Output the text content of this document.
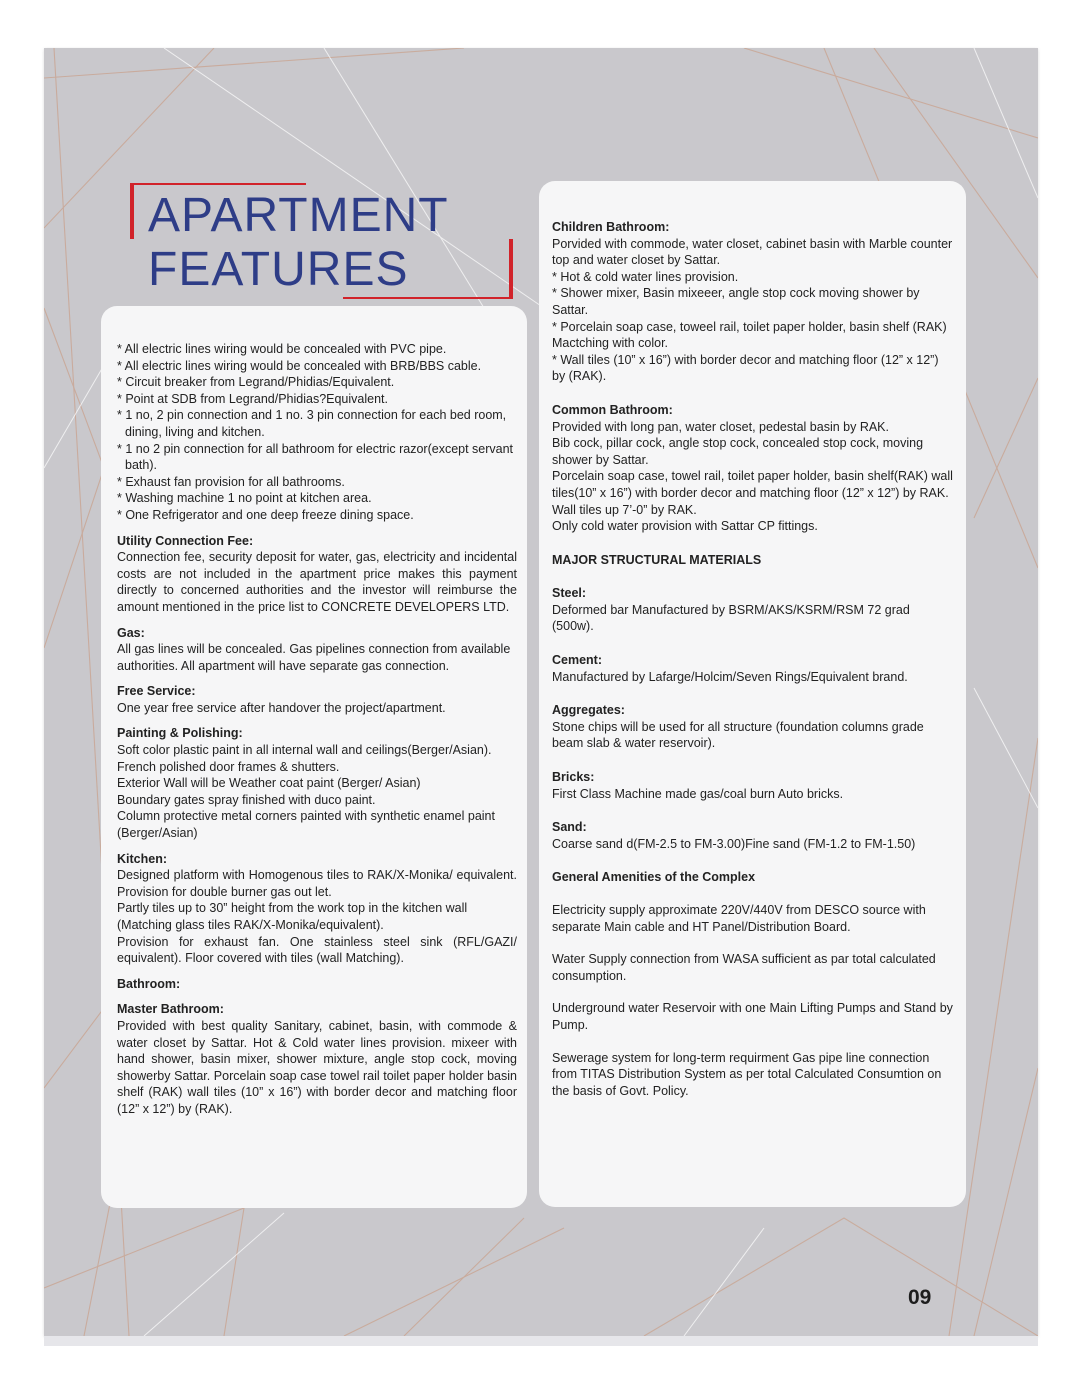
APARTMENT
FEATURES
* All electric lines wiring would be concealed with PVC pipe.
* All electric lines wiring would be concealed with BRB/BBS cable.
* Circuit breaker from Legrand/Phidias/Equivalent.
* Point at SDB from Legrand/Phidias?Equivalent.
* 1 no, 2 pin connection and 1 no. 3 pin connection for each bed room, dining, living and kitchen.
* 1 no 2 pin connection for all bathroom for electric razor(except servant bath).
* Exhaust fan provision for all bathrooms.
* Washing machine 1 no point at kitchen area.
* One Refrigerator and one deep freeze dining space.
Utility Connection Fee:
Connection fee, security deposit for water, gas, electricity and incidental costs are not included in the apartment price makes this payment directly to concerned authorities and the investor will reimburse the amount mentioned in the price list to CONCRETE DEVELOPERS LTD.
Gas:
All gas lines will be concealed. Gas pipelines connection from available authorities. All apartment will have separate gas connection.
Free Service:
One year free service after handover the project/apartment.
Painting & Polishing:
Soft color plastic paint in all internal wall and ceilings(Berger/Asian).
French polished door frames & shutters.
Exterior Wall will be Weather coat paint (Berger/ Asian)
Boundary gates spray finished with duco paint.
Column protective metal corners painted with synthetic enamel paint (Berger/Asian)
Kitchen:
Designed platform with Homogenous tiles to RAK/X-Monika/ equivalent. Provision for double burner gas out let.
Partly tiles up to 30” height from the work top in the kitchen wall (Matching glass tiles RAK/X-Monika/equivalent).
Provision for exhaust fan. One stainless steel sink (RFL/GAZI/ equivalent). Floor covered with tiles (wall Matching).
Bathroom:
Master Bathroom:
Provided with best quality Sanitary, cabinet, basin, with commode & water closet by Sattar. Hot & Cold water lines provision. mixeer with hand shower, basin mixer, shower mixture, angle stop cock, moving showerby Sattar. Porcelain soap case towel rail toilet paper holder basin shelf (RAK) wall tiles (10” x 16”) with border decor and matching floor (12” x 12”) by (RAK).
Children Bathroom:
Porvided with commode, water closet, cabinet basin with Marble counter top and water closet by Sattar.
* Hot & cold water lines provision.
* Shower mixer, Basin mixeeer, angle stop cock moving shower by Sattar.
* Porcelain soap case, toweel rail, toilet paper holder, basin shelf (RAK) Mactching with color.
* Wall tiles (10” x 16”) with border decor and matching floor (12” x 12”) by (RAK).
Common Bathroom:
Provided with long pan, water closet, pedestal basin by RAK.
Bib cock, pillar cock, angle stop cock, concealed stop cock, moving shower by Sattar.
Porcelain soap case, towel rail, toilet paper holder, basin shelf(RAK) wall tiles(10” x 16”) with border decor and matching floor (12” x 12”) by RAK.
Wall tiles up 7’-0” by RAK.
Only cold water provision with Sattar CP fittings.
MAJOR STRUCTURAL MATERIALS
Steel:
Deformed bar Manufactured by BSRM/AKS/KSRM/RSM 72 grad (500w).
Cement:
Manufactured by Lafarge/Holcim/Seven Rings/Equivalent brand.
Aggregates:
Stone chips will be used for all structure (foundation columns grade beam slab & water reservoir).
Bricks:
First Class Machine made gas/coal burn Auto bricks.
Sand:
Coarse sand d(FM-2.5 to FM-3.00)Fine sand (FM-1.2 to FM-1.50)
General Amenities of the Complex
Electricity supply approximate 220V/440V from DESCO source with separate Main cable and HT Panel/Distribution Board.
Water Supply connection from WASA sufficient as par total calculated consumption.
Underground water Reservoir with one Main Lifting Pumps and Stand by Pump.
Sewerage system for long-term requirment Gas pipe line connection from TITAS Distribution System as per total Calculated Consumtion on the basis of Govt. Policy.
09
